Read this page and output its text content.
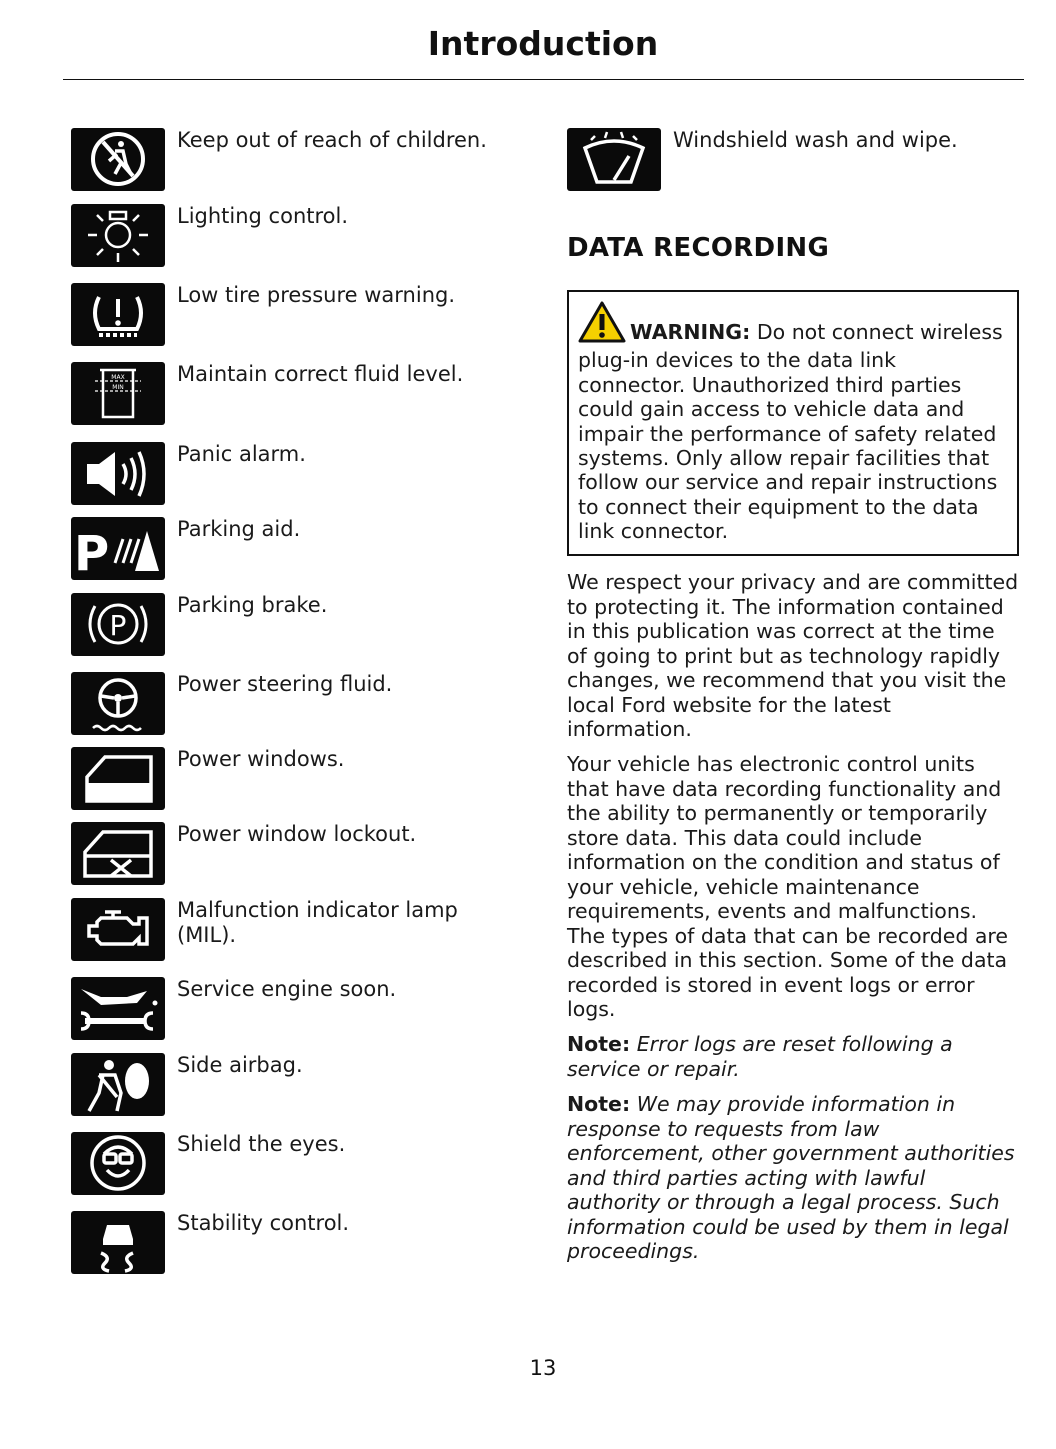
Introduction
Keep out of reach of children.
Lighting control.
Low tire pressure warning.
MAX
MIN
Maintain correct fluid level.
Panic alarm.
P	Parking aid.
P
Parking brake.
Power steering fluid.
Power windows.
Power window lockout.
Malfunction indicator lamp (MIL).
Service engine soon.
Side airbag.
Shield the eyes.
Stability control.
Windshield wash and wipe.
DATA RECORDING
WARNING: Do not connect wireless plug-in devices to the data link connector. Unauthorized third parties could gain access to vehicle data and impair the performance of safety related systems. Only allow repair facilities that follow our service and repair instructions to connect their equipment to the data link connector.

We respect your privacy and are committed to protecting it. The information contained in this publication was correct at the time of going to print but as technology rapidly changes, we recommend that you visit the local Ford website for the latest information.

Your vehicle has electronic control units that have data recording functionality and the ability to permanently or temporarily store data. This data could include information on the condition and status of your vehicle, vehicle maintenance requirements, events and malfunctions. The types of data that can be recorded are described in this section. Some of the data recorded is stored in event logs or error logs.

Note: Error logs are reset following a service or repair.

Note: We may provide information in response to requests from law enforcement, other government authorities and third parties acting with lawful authority or through a legal process. Such information could be used by them in legal proceedings.

13
